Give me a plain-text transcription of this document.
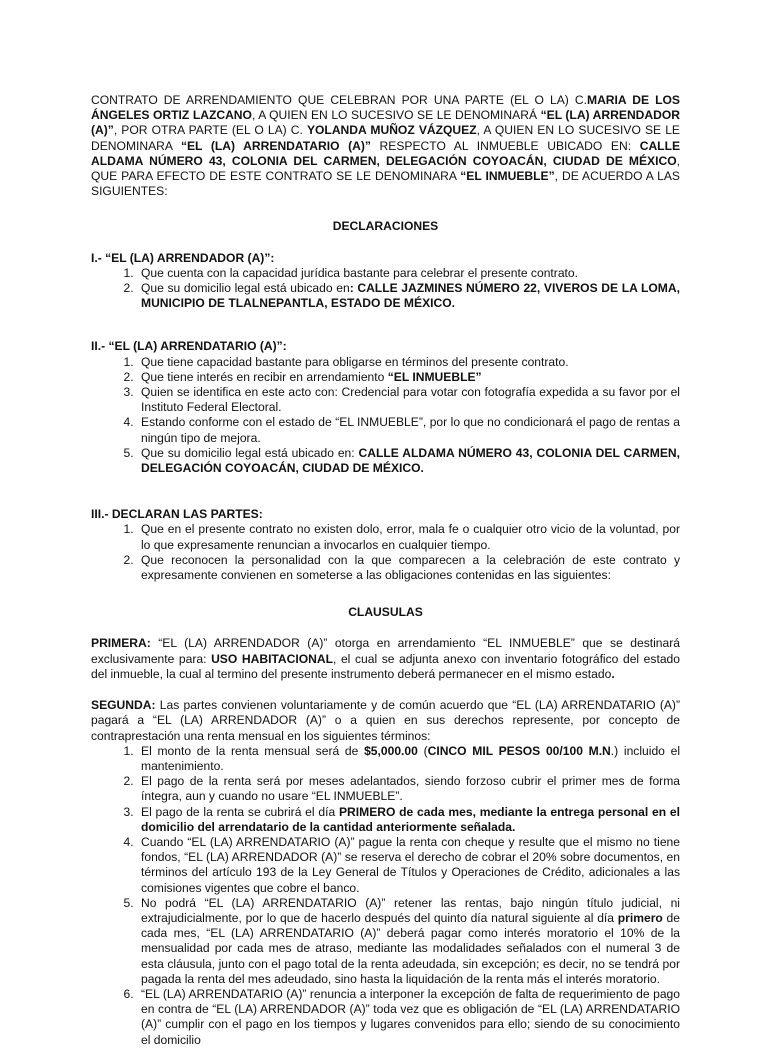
CONTRATO DE ARRENDAMIENTO QUE CELEBRAN POR UNA PARTE (EL O LA) C.MARIA DE LOS ÁNGELES ORTIZ LAZCANO, A QUIEN EN LO SUCESIVO SE LE DENOMINARÁ “EL (LA) ARRENDADOR (A)”, POR OTRA PARTE (EL O LA) C. YOLANDA MUÑOZ VÁZQUEZ, A QUIEN EN LO SUCESIVO SE LE DENOMINARA “EL (LA) ARRENDATARIO (A)” RESPECTO AL INMUEBLE UBICADO EN: CALLE ALDAMA NÚMERO 43, COLONIA DEL CARMEN, DELEGACIÓN COYOACÁN, CIUDAD DE MÉXICO, QUE PARA EFECTO DE ESTE CONTRATO SE LE DENOMINARA “EL INMUEBLE”, DE ACUERDO A LAS SIGUIENTES:

DECLARACIONES

I.- “EL (LA) ARRENDADOR (A)”:

1. Que cuenta con la capacidad jurídica bastante para celebrar el presente contrato.
2. Que su domicilio legal está ubicado en: CALLE JAZMINES NÚMERO 22, VIVEROS DE LA LOMA, MUNICIPIO DE TLALNEPANTLA, ESTADO DE MÉXICO.

II.- “EL (LA) ARRENDATARIO (A)”:

1. Que tiene capacidad bastante para obligarse en términos del presente contrato.
2. Que tiene interés en recibir en arrendamiento “EL INMUEBLE”
3. Quien se identifica en este acto con: Credencial para votar con fotografía expedida a su favor por el Instituto Federal Electoral.
4. Estando conforme con el estado de “EL INMUEBLE”, por lo que no condicionará el pago de rentas a ningún tipo de mejora.
5. Que su domicilio legal está ubicado en: CALLE ALDAMA NÚMERO 43, COLONIA DEL CARMEN, DELEGACIÓN COYOACÁN, CIUDAD DE MÉXICO.

III.- DECLARAN LAS PARTES:

1. Que en el presente contrato no existen dolo, error, mala fe o cualquier otro vicio de la voluntad, por lo que expresamente renuncian a invocarlos en cualquier tiempo.
2. Que reconocen la personalidad con la que comparecen a la celebración de este contrato y expresamente convienen en someterse a las obligaciones contenidas en las siguientes:
CLAUSULAS

PRIMERA: “EL (LA) ARRENDADOR (A)” otorga en arrendamiento “EL INMUEBLE” que se destinará exclusivamente para: USO HABITACIONAL, el cual se adjunta anexo con inventario fotográfico del estado del inmueble, la cual al termino del presente instrumento deberá permanecer en el mismo estado.

SEGUNDA: Las partes convienen voluntariamente y de común acuerdo que “EL (LA) ARRENDATARIO (A)” pagará a “EL (LA) ARRENDADOR (A)” o a quien en sus derechos represente, por concepto de contraprestación una renta mensual en los siguientes términos:

1. El monto de la renta mensual será de $5,000.00 (CINCO MIL PESOS 00/100 M.N.) incluido el mantenimiento.
2. El pago de la renta será por meses adelantados, siendo forzoso cubrir el primer mes de forma íntegra, aun y cuando no usare “EL INMUEBLE”.
3. El pago de la renta se cubrirá el día PRIMERO de cada mes, mediante la entrega personal en el domicilio del arrendatario de la cantidad anteriormente señalada.
4. Cuando “EL (LA) ARRENDATARIO (A)” pague la renta con cheque y resulte que el mismo no tiene fondos, “EL (LA) ARRENDADOR (A)” se reserva el derecho de cobrar el 20% sobre documentos, en términos del artículo 193 de la Ley General de Títulos y Operaciones de Crédito, adicionales a las comisiones vigentes que cobre el banco.
5. No podrá “EL (LA) ARRENDATARIO (A)” retener las rentas, bajo ningún título judicial, ni extrajudicialmente, por lo que de hacerlo después del quinto día natural siguiente al día primero de cada mes, “EL (LA) ARRENDATARIO (A)” deberá pagar como interés moratorio el 10% de la mensualidad por cada mes de atraso, mediante las modalidades señalados con el numeral 3 de esta cláusula, junto con el pago total de la renta adeudada, sin excepción; es decir, no se tendrá por pagada la renta del mes adeudado, sino hasta la liquidación de la renta más el interés moratorio.
6. “EL (LA) ARRENDATARIO (A)” renuncia a interponer la excepción de falta de requerimiento de pago en contra de “EL (LA) ARRENDADOR (A)” toda vez que es obligación de “EL (LA) ARRENDATARIO (A)” cumplir con el pago en los tiempos y lugares convenidos para ello; siendo de su conocimiento el domicilio
